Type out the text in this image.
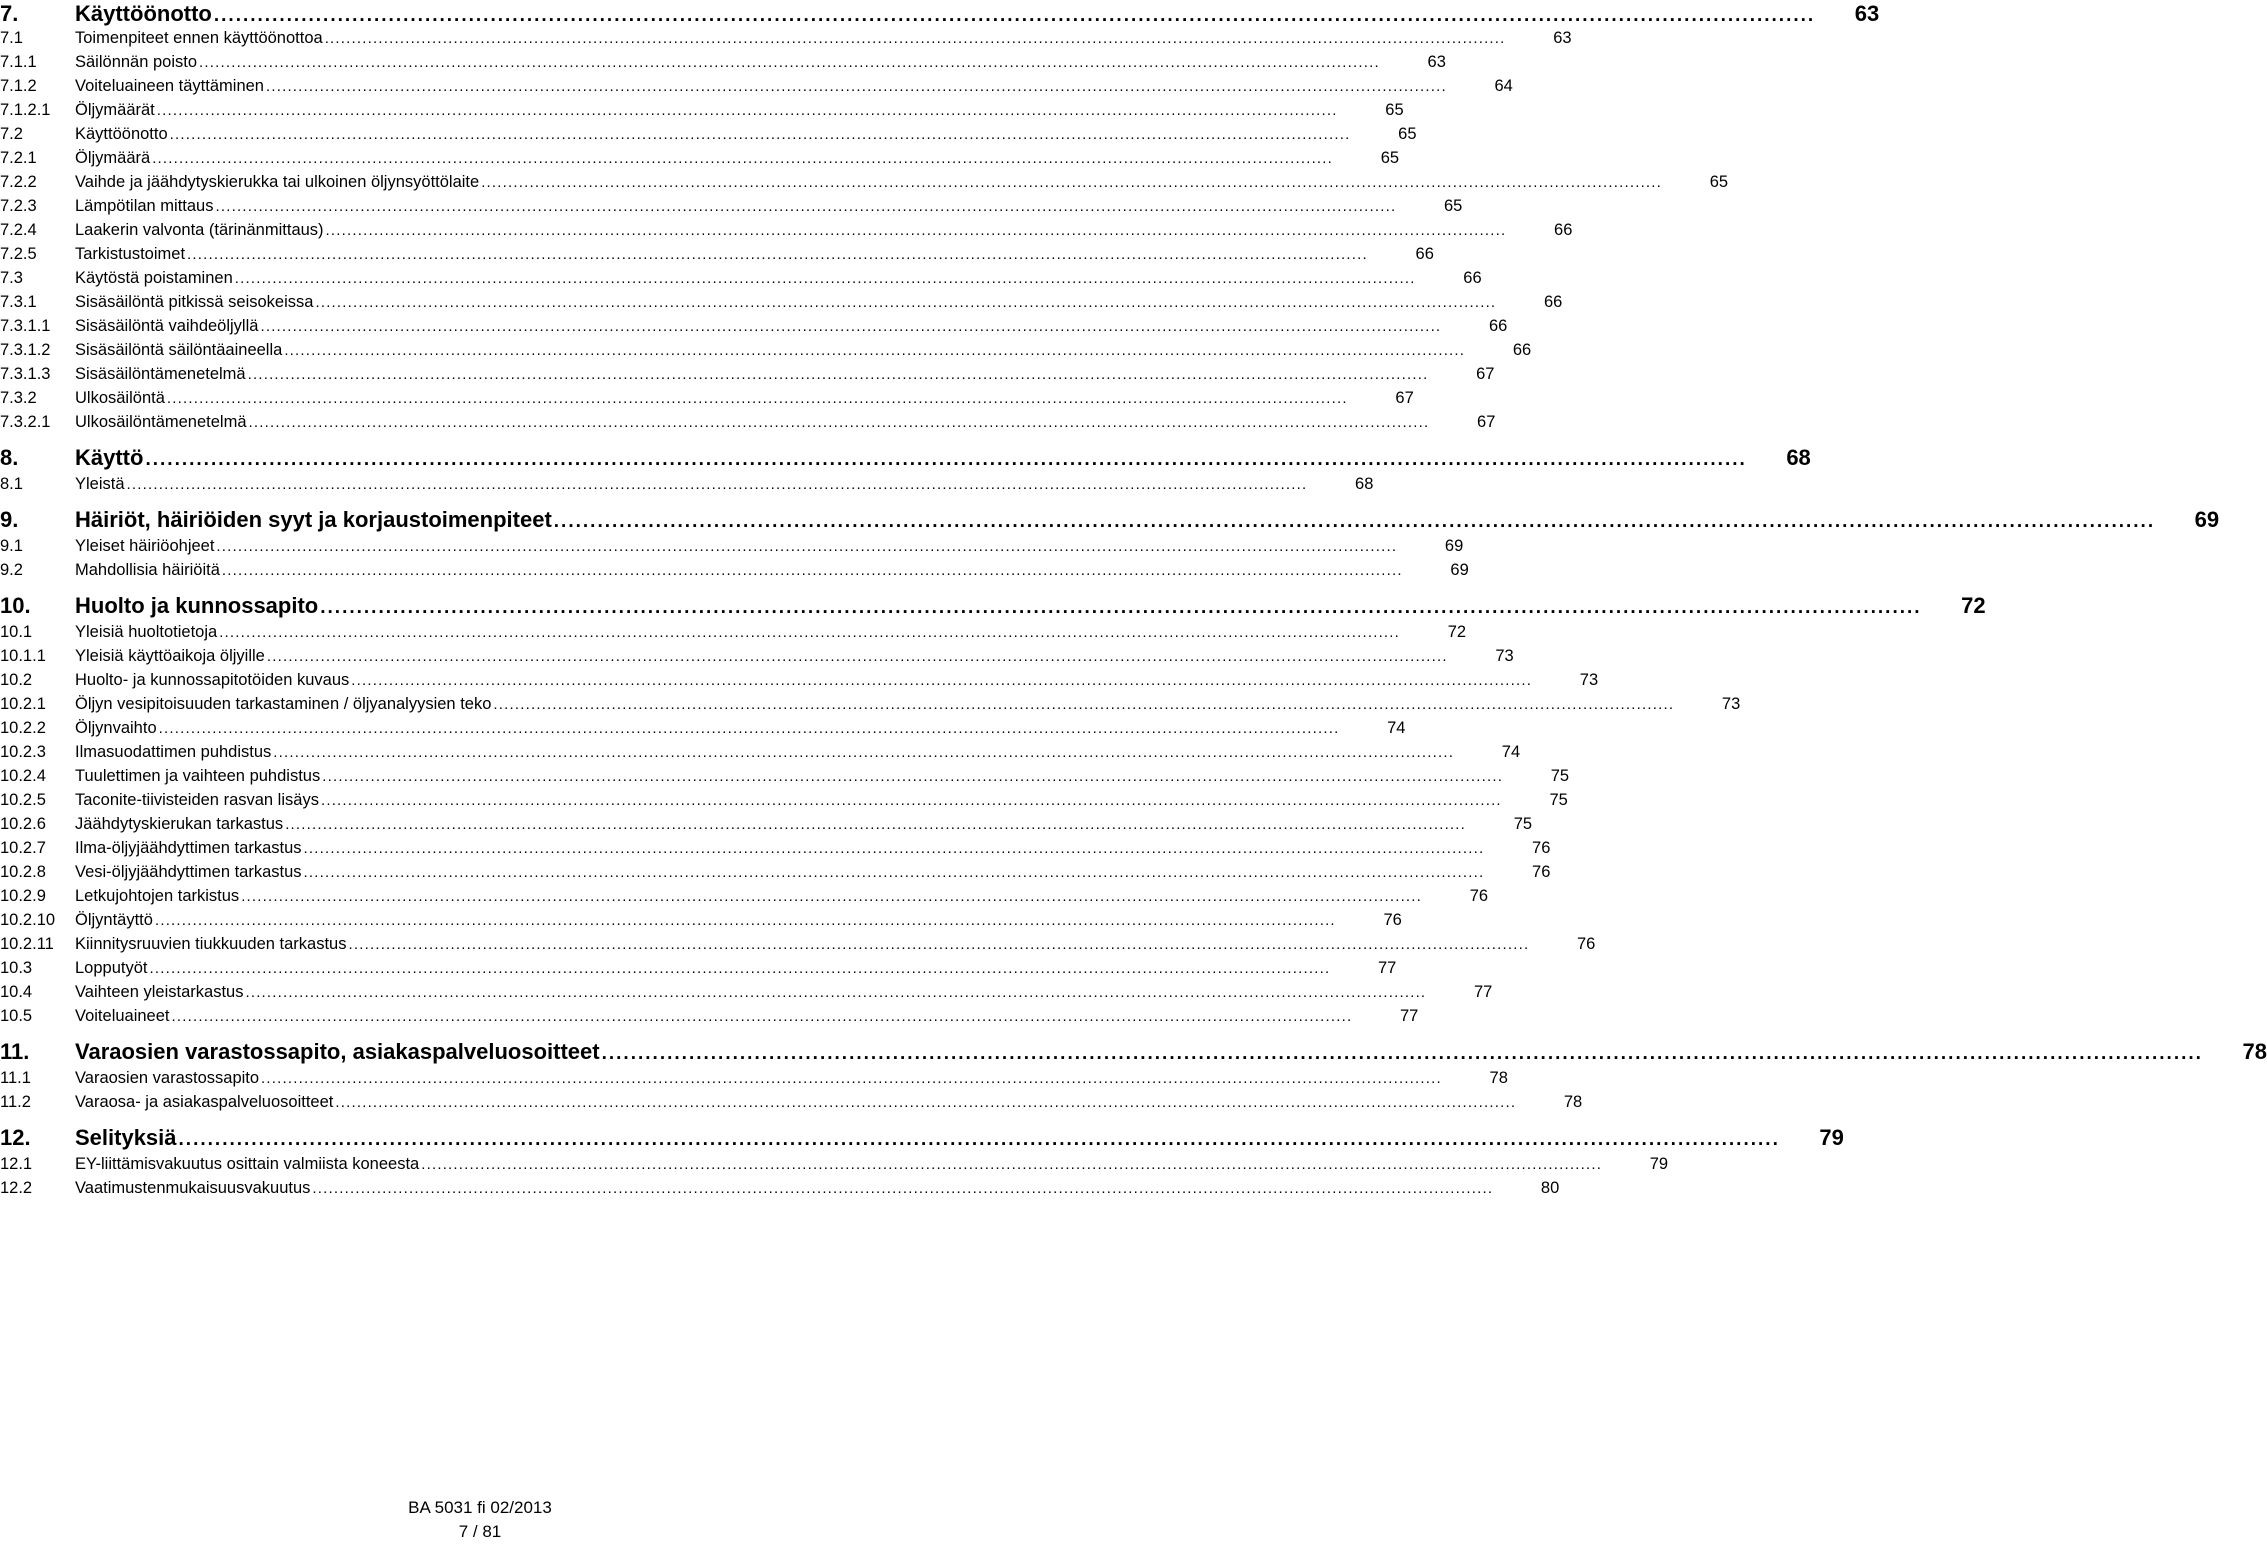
7.	Käyttöönotto ............................................................................................................................................................................................................................	63
7.1	Toimenpiteet ennen käyttöönottoa ............................................................................................................................................................................................................................	63
7.1.1	Säilönnän poisto ............................................................................................................................................................................................................................	63
7.1.2	Voiteluaineen täyttäminen ............................................................................................................................................................................................................................	64
7.1.2.1	Öljymäärät ............................................................................................................................................................................................................................	65
7.2	Käyttöönotto ............................................................................................................................................................................................................................	65
7.2.1	Öljymäärä ............................................................................................................................................................................................................................	65
7.2.2	Vaihde ja jäähdytyskierukka tai ulkoinen öljynsyöttölaite ............................................................................................................................................................................................................................	65
7.2.3	Lämpötilan mittaus ............................................................................................................................................................................................................................	65
7.2.4	Laakerin valvonta (tärinänmittaus) ............................................................................................................................................................................................................................	66
7.2.5	Tarkistustoimet ............................................................................................................................................................................................................................	66
7.3	Käytöstä poistaminen ............................................................................................................................................................................................................................	66
7.3.1	Sisäsäilöntä pitkissä seisokeissa ............................................................................................................................................................................................................................	66
7.3.1.1	Sisäsäilöntä vaihdeöljyllä ............................................................................................................................................................................................................................	66
7.3.1.2	Sisäsäilöntä säilöntäaineella ............................................................................................................................................................................................................................	66
7.3.1.3	Sisäsäilöntämenetelmä ............................................................................................................................................................................................................................	67
7.3.2	Ulkosäilöntä ............................................................................................................................................................................................................................	67
7.3.2.1	Ulkosäilöntämenetelmä ............................................................................................................................................................................................................................	67
8.	Käyttö ............................................................................................................................................................................................................................	68
8.1	Yleistä ............................................................................................................................................................................................................................	68
9.	Häiriöt, häiriöiden syyt ja korjaustoimenpiteet ............................................................................................................................................................................................................................	69
9.1	Yleiset häiriöohjeet ............................................................................................................................................................................................................................	69
9.2	Mahdollisia häiriöitä ............................................................................................................................................................................................................................	69
10.	Huolto ja kunnossapito ............................................................................................................................................................................................................................	72
10.1	Yleisiä huoltotietoja ............................................................................................................................................................................................................................	72
10.1.1	Yleisiä käyttöaikoja öljyille ............................................................................................................................................................................................................................	73
10.2	Huolto- ja kunnossapitotöiden kuvaus ............................................................................................................................................................................................................................	73
10.2.1	Öljyn vesipitoisuuden tarkastaminen / öljyanalyysien teko ............................................................................................................................................................................................................................	73
10.2.2	Öljynvaihto ............................................................................................................................................................................................................................	74
10.2.3	Ilmasuodattimen puhdistus ............................................................................................................................................................................................................................	74
10.2.4	Tuulettimen ja vaihteen puhdistus ............................................................................................................................................................................................................................	75
10.2.5	Taconite-tiivisteiden rasvan lisäys ............................................................................................................................................................................................................................	75
10.2.6	Jäähdytyskierukan tarkastus ............................................................................................................................................................................................................................	75
10.2.7	Ilma-öljyjäähdyttimen tarkastus ............................................................................................................................................................................................................................	76
10.2.8	Vesi-öljyjäähdyttimen tarkastus ............................................................................................................................................................................................................................	76
10.2.9	Letkujohtojen tarkistus ............................................................................................................................................................................................................................	76
10.2.10	Öljyntäyttö ............................................................................................................................................................................................................................	76
10.2.11	Kiinnitysruuvien tiukkuuden tarkastus ............................................................................................................................................................................................................................	76
10.3	Lopputyöt ............................................................................................................................................................................................................................	77
10.4	Vaihteen yleistarkastus ............................................................................................................................................................................................................................	77
10.5	Voiteluaineet ............................................................................................................................................................................................................................	77
11.	Varaosien varastossapito, asiakaspalveluosoitteet ............................................................................................................................................................................................................................	78
11.1	Varaosien varastossapito ............................................................................................................................................................................................................................	78
11.2	Varaosa- ja asiakaspalveluosoitteet ............................................................................................................................................................................................................................	78
12.	Selityksiä ............................................................................................................................................................................................................................	79
12.1	EY-liittämisvakuutus osittain valmiista koneesta ............................................................................................................................................................................................................................	79
12.2	Vaatimustenmukaisuusvakuutus ............................................................................................................................................................................................................................	80
BA 5031 fi 02/2013
7 / 81
